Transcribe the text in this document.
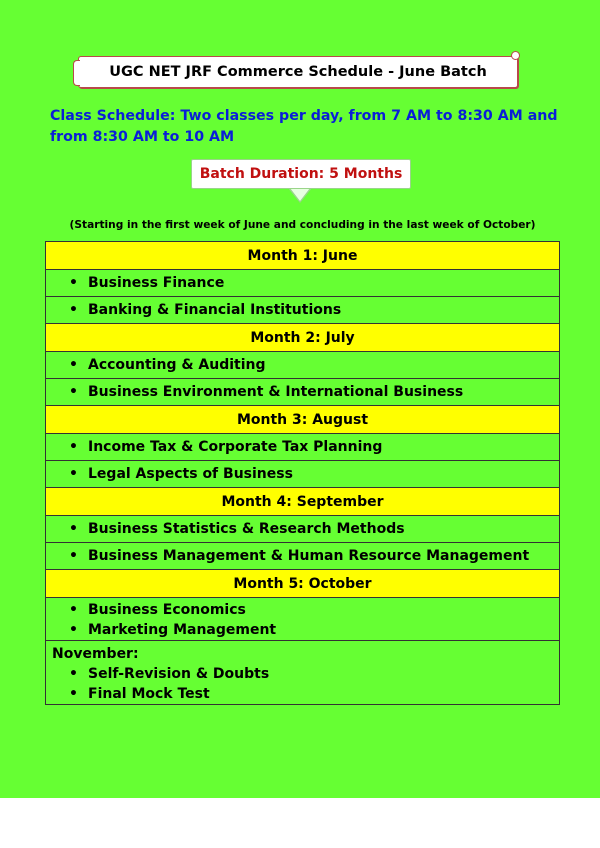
UGC NET JRF Commerce Schedule - June Batch
Class Schedule: Two classes per day, from 7 AM to 8:30 AM and from 8:30 AM to 10 AM
Batch Duration: 5 Months
(Starting in the first week of June and concluding in the last week of October)
Month 1: June

• Business Finance

• Banking & Financial Institutions

Month 2: July

• Accounting & Auditing

• Business Environment & International Business

Month 3: August

• Income Tax & Corporate Tax Planning

• Legal Aspects of Business

Month 4: September

• Business Statistics & Research Methods

• Business Management & Human Resource Management

Month 5: October

• Business Economics
• Marketing Management

November:
• Self-Revision & Doubts
• Final Mock Test
